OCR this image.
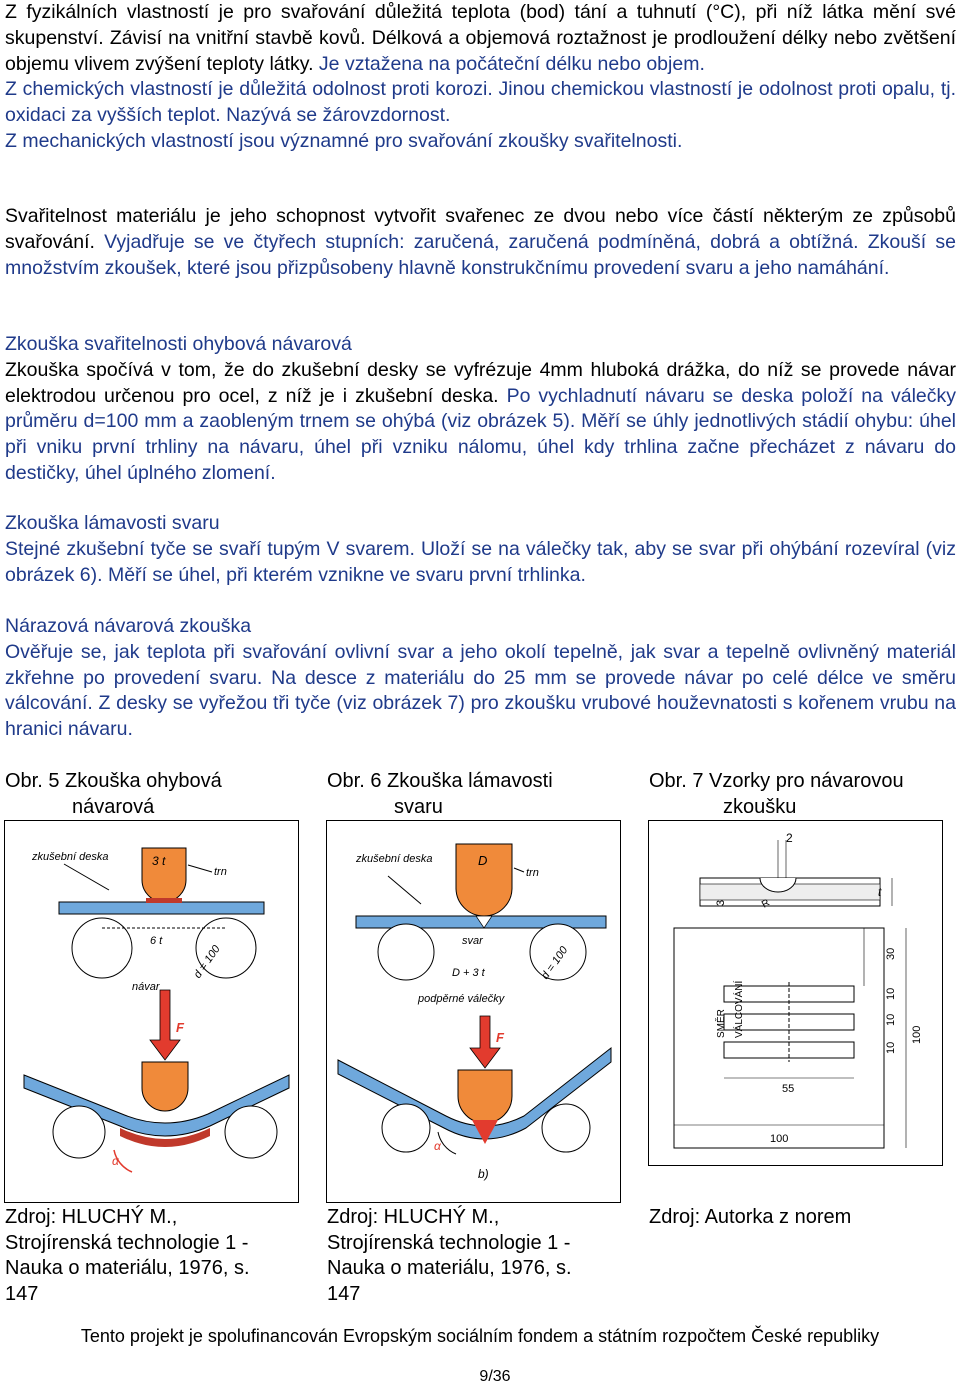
Z fyzikálních vlastností je pro svařování důležitá teplota (bod) tání a tuhnutí (°C), při níž látka mění své skupenství. Závisí na vnitřní stavbě kovů. Délková a objemová roztažnost je prodloužení délky nebo zvětšení objemu vlivem zvýšení teploty látky. Je vztažena na počáteční délku nebo objem.

Z chemických vlastností je důležitá odolnost proti korozi. Jinou chemickou vlastností je odolnost proti opalu, tj. oxidaci za vyšších teplot. Nazývá se žárovzdornost.

Z mechanických vlastností jsou významné pro svařování zkoušky svařitelnosti.

Svařitelnost materiálu je jeho schopnost vytvořit svařenec ze dvou nebo více částí některým ze způsobů svařování. Vyjadřuje se ve čtyřech stupních: zaručená, zaručená podmíněná, dobrá a obtížná. Zkouší se množstvím zkoušek, které jsou přizpůsobeny hlavně konstrukčnímu provedení svaru a jeho namáhání.

Zkouška svařitelnosti ohybová návarová

Zkouška spočívá v tom, že do zkušební desky se vyfrézuje 4mm hluboká drážka, do níž se provede návar elektrodou určenou pro ocel, z níž je i zkušební deska. Po vychladnutí návaru se deska položí na válečky průměru d=100 mm a zaobleným trnem se ohýbá (viz obrázek 5). Měří se úhly jednotlivých stádií ohybu: úhel při vniku první trhliny na návaru, úhel při vzniku nálomu, úhel kdy trhlina začne přecházet z návaru do destičky, úhel úplného zlomení.

Zkouška lámavosti svaru

Stejné zkušební tyče se svaří tupým V svarem. Uloží se na válečky tak, aby se svar při ohýbání rozevíral (viz obrázek 6). Měří se úhel, při kterém vznikne ve svaru první trhlinka.

Nárazová návarová zkouška

Ověřuje se, jak teplota při svařování ovlivní svar a jeho okolí tepelně, jak svar a tepelně ovlivněný materiál zkřehne po provedení svaru. Na desce z materiálu do 25 mm se provede návar po celé délce ve směru válcování. Z desky se vyřežou tři tyče (viz obrázek 7) pro zkoušku vrubové houževnatosti s kořenem vrubu na hranici návaru.

Obr. 5 Zkouška ohybová
návarová
Obr. 6 Zkouška lámavosti
svaru
Obr. 7 Vzorky pro návarovou
zkoušku
zkušební deska	3 t
trn
6 t
d = 100
návar
F
α
zkušební deska	D
trn
svar
d = 100
D + 3 t
podpěrné válečky
F
α
b)
2
3
t
R
SMĚR VÁLCOVÁNÍ
30
10
10
10
100
55
100
Zdroj: HLUCHÝ M.,
Strojírenská technologie 1 -
Nauka o materiálu, 1976, s.
147
Zdroj: HLUCHÝ M.,
Strojírenská technologie 1 -
Nauka o materiálu, 1976, s.
147
Zdroj: Autorka z norem
Tento projekt je spolufinancován Evropským sociálním fondem a státním rozpočtem České republiky
9/36
